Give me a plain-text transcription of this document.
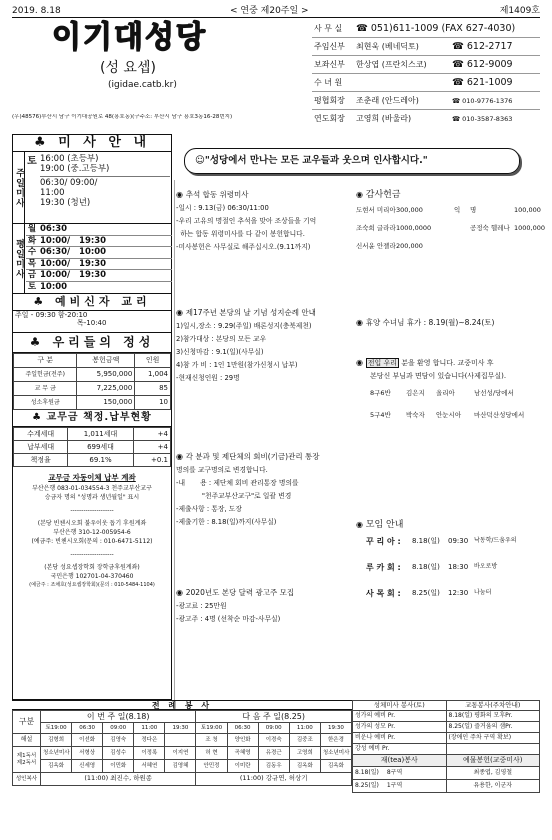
2019. 8.18	< 연중 제20주일 >	제1409호
이기대성당
(성 요셉)
(igidae.catb.kr)
(우)48576)부산시 남구 이기대공원로 48(용호동)(구주소: 부산시 남구 용호3동16-28번지)
사 무 실 ☎ 051)611-1009 (FAX 627-4030)
주임신부 최현욱 (베네딕토)	☎ 612-2717
보좌신부 한상엽 (프란치스코)	☎ 612-9009
수 녀 원	☎ 621-1009
평협회장 조춘래 (안드레아)	☎ 010-9776-1376
연도회장 고영희 (바울라)	☎ 010-3587-8363
♣ 미 사 안 내
주일미사
토 16:00 (초등부)
19:00 (중.고등부)
06:30/ 09:00/
11:00
19:30 (청년)
평일미사
월 06:30
화 10:00/   19:30
수 06:30/   10:00
목 10:00/   19:30
금 10:00/   19:30
토 10:00
♣ 예비신자 교리
주일 - 09:30 함-20:10
목-10:40
♣ 우리들의 정성
구 분	봉헌금액	인원
주일헌금(전주)	5,950,000	1,004
교 무 금	7,225,000	85
성소후원금	150,000	10
♣ 교무금 책정.납부현황
수계세대	1,011세대	+4
납부세대	699세대	+4
책정율	69.1%	+0.1
교무금 자동이체 납부 계좌
부산은행 083-01-034554-3 천주교부산교구
승금자 명의 "성명과 생년월일" 표시
--------------------
(본당 빈첸시오회 불우이웃 돕기 후원계좌
부산은행 310-12-005954-6
(예금주: 빈첸시오회(문의 : 010-6471-5112)
--------------------
(본당 성요셉장학회 장학금후원계좌)
국민은행 102701-04-370460
(예금주 : 조채호(성요셉장학회)(문의 : 010-5484-1104)
☺"성당에서 만나는 모든 교우들과 웃으며 인사합시다."
◉ 추석 합동 위령미사
-일시 : 9.13(금) 06:30/11:00
-우리 고유의 명절인 추석을 맞아 조상들을 기억
하는 합동 위령미사를 다 같이 봉헌합니다.
-미사봉헌은 사무실로 해주십시오.(9.11까지)
◉ 제17주년 본당의 날 기념 성지순례 안내
1)일시,장소 : 9.29(주일) 배론성지(충북제천)
2)참가대상 : 본당의 모든 교우
3)신청마감 : 9.1(일)(사무실)
4)참 가 비 : 1인 1만원(참가신청시 납부)
-현재신청인원 : 29명
◉ 각 분과 및 제단체의 회비(기금)관리 통장
명의를 교구명의로 변경합니다.
-내       용 : 제단체 회비 관리통장 명의를
"천주교부산교구"로 일괄 변경
-제출사항 : 통장, 도장
-제출기한 : 8.18(일)까지(사무실)
◉ 2020년도 본당 달력 광고주 모집
-광고료 : 25만원
-광고주 : 4명 (선착순 마감-사무실)
◉ 감사헌금
도현서 미리아 300,000	익 명	100,000
조숙희 글라라 1000,0000	공정숙 헬레나 1000,000
신서윤 안젤라 200,000
◉ 휴양 수녀님 휴가 : 8.19(월)~8.24(토)
◉ 전입 우리 분을 환영 합니다. 교중미사 후
본당신 부님과 면담이 있습니다(사제집무실).
8구6반 김은지 올리아	남선성/당에서
5구4반 박숙자 안눈시아 마산덕산성당에서
◉ 모임 안내
꾸 리 아 : 8.18(일) 09:30 낙동학/드움우의
루 카 회 : 8.18(일) 18:30 바오로방
사 목 회 : 8.25(일) 12:30 나눔터
전 례 봉 사
구분	이 번 주 일(8.18)					다 음 주 일(8.25)				
	토19:00	06:30	09:00	11:00	19:30	토19:00	06:30	09:00	11:00	19:30
해설	김형희	이선화	김영숙	정다은		조 청	양인화	이경숙	김중조	한은경
제1독서 제2독서	청소년미사	서형상	김성수	이정록	이지연	허 현	곡혜영	유경근	고영희	청소년미사
	김옥화	신세영	이민화	서혜연	김영혜	안민정	이미란	김동우	김옥화	김옥화
성인복사	(11:00) 최진수, 하원종					(11:00) 강규연, 허상기				
성체미사 봉사(토)	교통봉사(주차안내)
성가의 예비 Pr.	8.18(일) 평화의 모후Pr.
성가의 성모 Pr.	8.25(일) 즐거움의 샘Pr.
비운나 예비 Pr.	(장애인 주차 구역 확보)
강성 예비 Pr.	
재(tea)봉사	예물봉헌(교중미사)
8.18(일) 8구역	최종엽, 김영철
8.25(일) 1구역	유용한, 이군자
